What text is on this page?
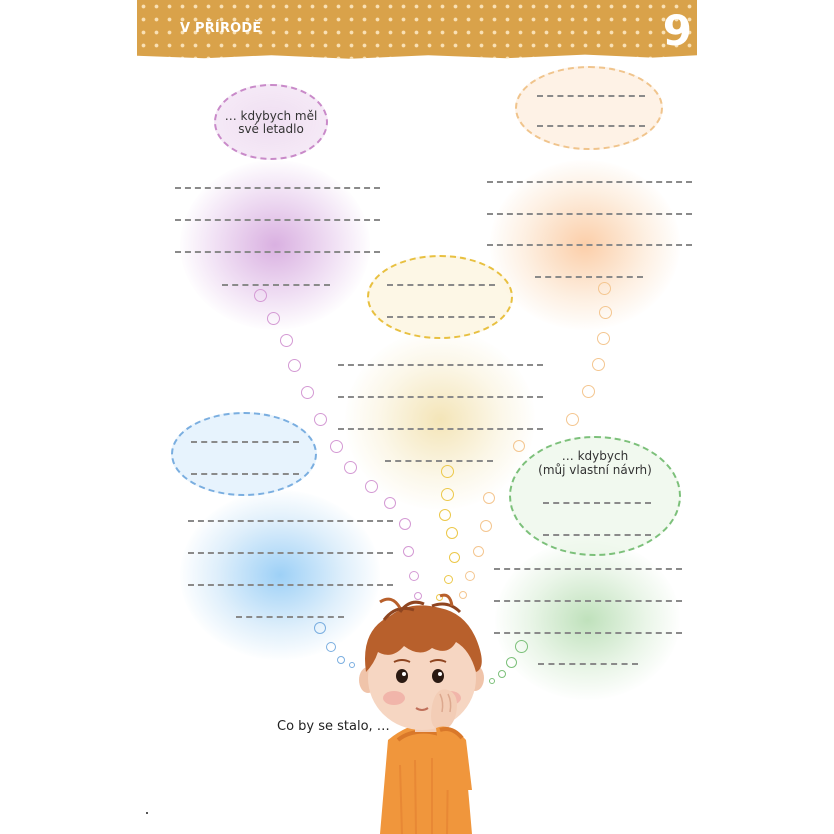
V PŘÍRODĚ	9
… kdybych měl
své letadlo
… kdybych
(můj vlastní návrh)
Co by se stalo, …
